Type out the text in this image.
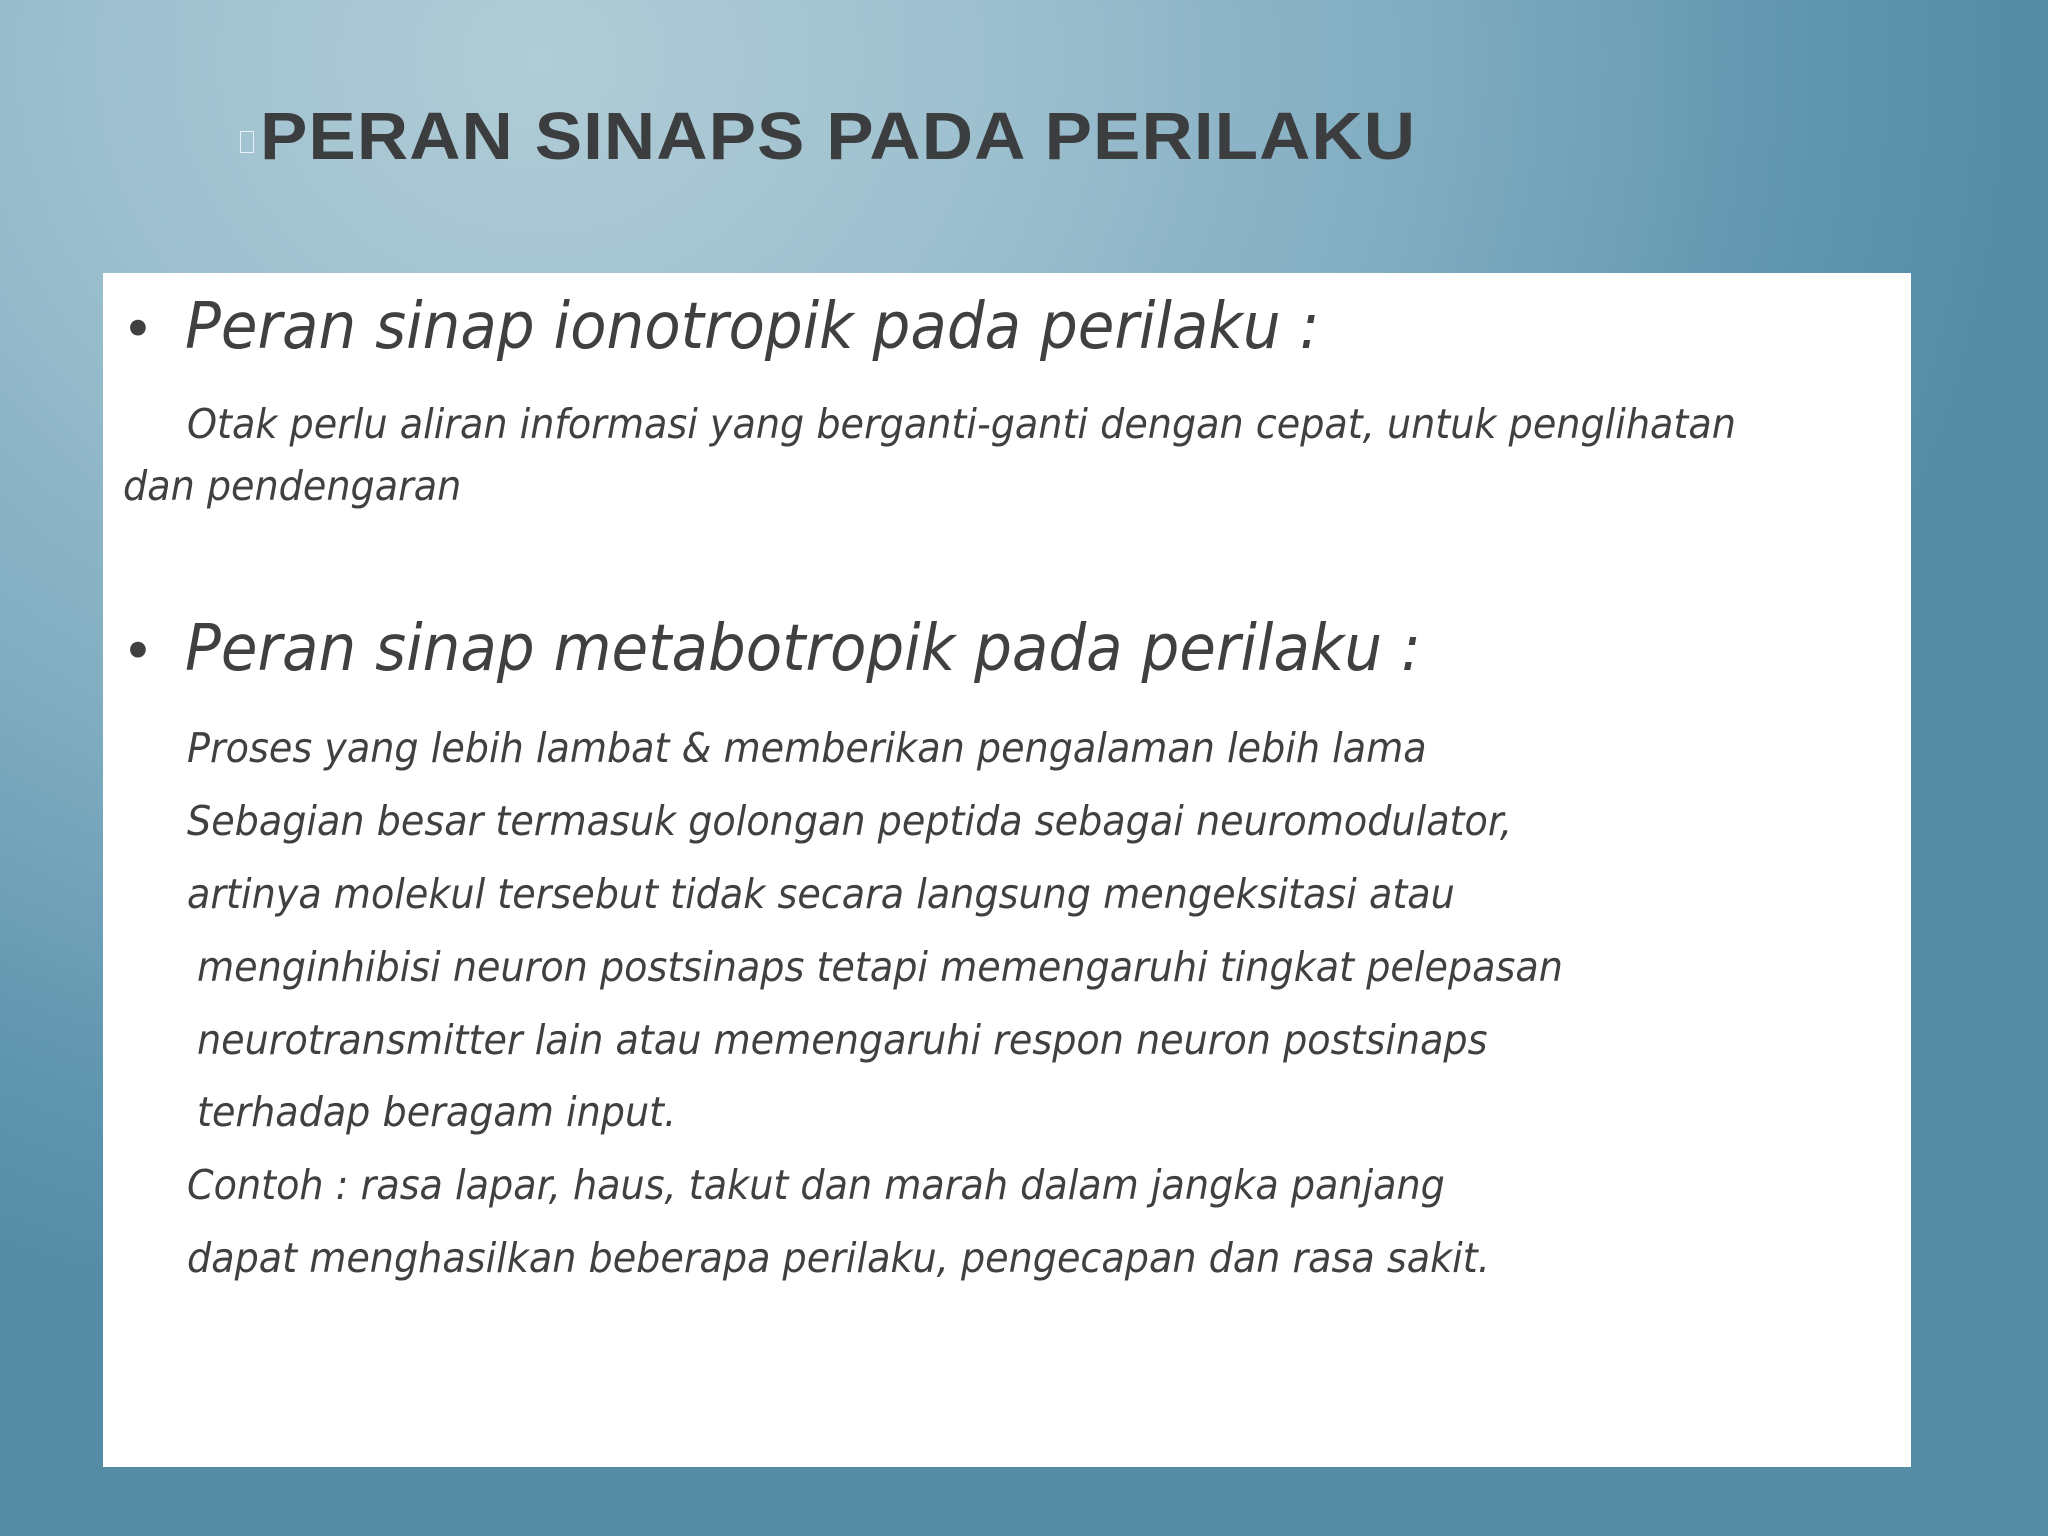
PERAN SINAPS PADA PERILAKU
• Peran sinap ionotropik pada perilaku :
Otak perlu aliran informasi yang berganti-ganti dengan cepat, untuk penglihatan
dan pendengaran
• Peran sinap metabotropik pada perilaku :
Proses yang lebih lambat & memberikan pengalaman lebih lama
Sebagian besar termasuk golongan peptida sebagai neuromodulator,
artinya molekul tersebut tidak secara langsung mengeksitasi atau
menginhibisi neuron postsinaps tetapi memengaruhi tingkat pelepasan
neurotransmitter lain atau memengaruhi respon neuron postsinaps
terhadap beragam input.
Contoh : rasa lapar, haus, takut dan marah dalam jangka panjang
dapat menghasilkan beberapa perilaku, pengecapan dan rasa sakit.
